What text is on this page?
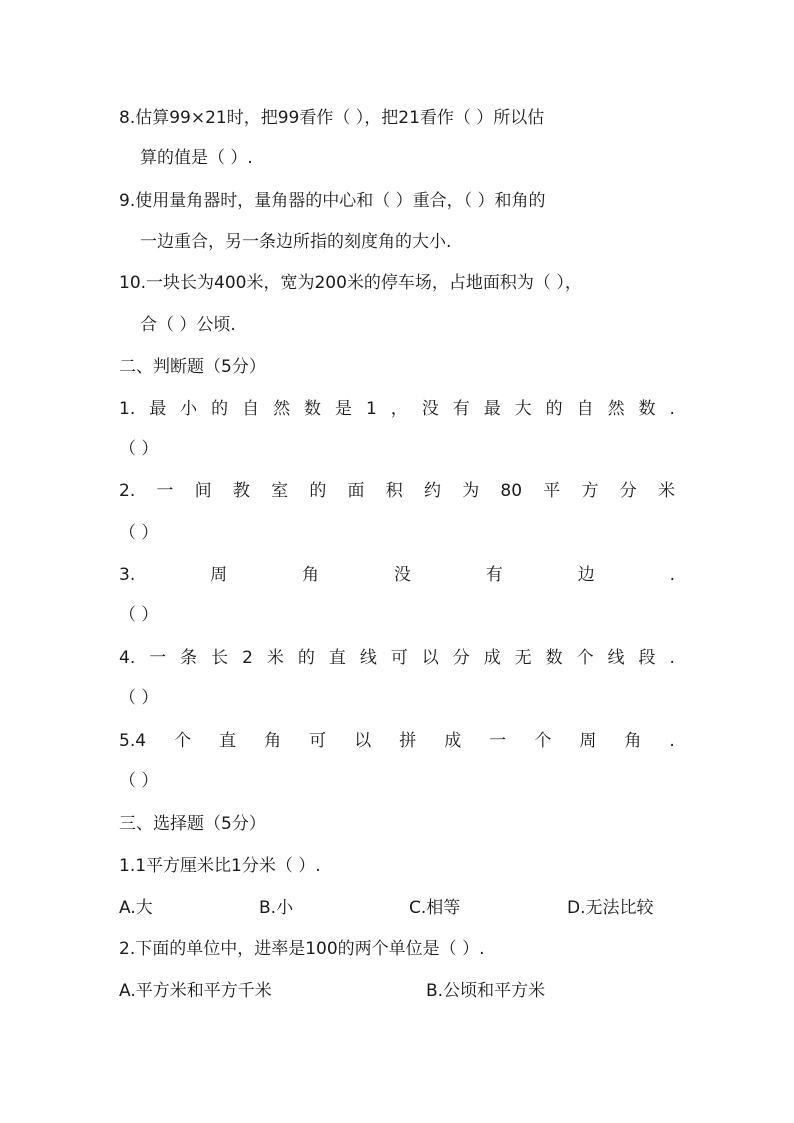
8.估算99×21时，把99看作（ ），把21看作（ ）所以估
算的值是（ ）.
9.使用量角器时，量角器的中心和（ ）重合，（ ）和角的
一边重合，另一条边所指的刻度角的大小.
10.一块长为400米，宽为200米的停车场，占地面积为（ ），
合（ ）公顷.
二、判断题（5分）
1. 最 小 的 自 然 数 是 1 ， 没 有 最 大 的 自 然 数 .
（ ）
2. 一 间 教 室 的 面 积 约 为 80 平 方 分 米
（ ）
3.	周	角	没	有	边	.
（ ）
4. 一 条 长 2 米 的 直 线 可 以 分 成 无 数 个 线 段 .
（ ）
5.4 个 直 角 可 以 拼 成 一 个 周 角 .
（ ）
三、选择题（5分）
1.1平方厘米比1分米（ ）.
A.大	B.小	C.相等	D.无法比较
2.下面的单位中，进率是100的两个单位是（ ）.
A.平方米和平方千米	B.公顷和平方米
